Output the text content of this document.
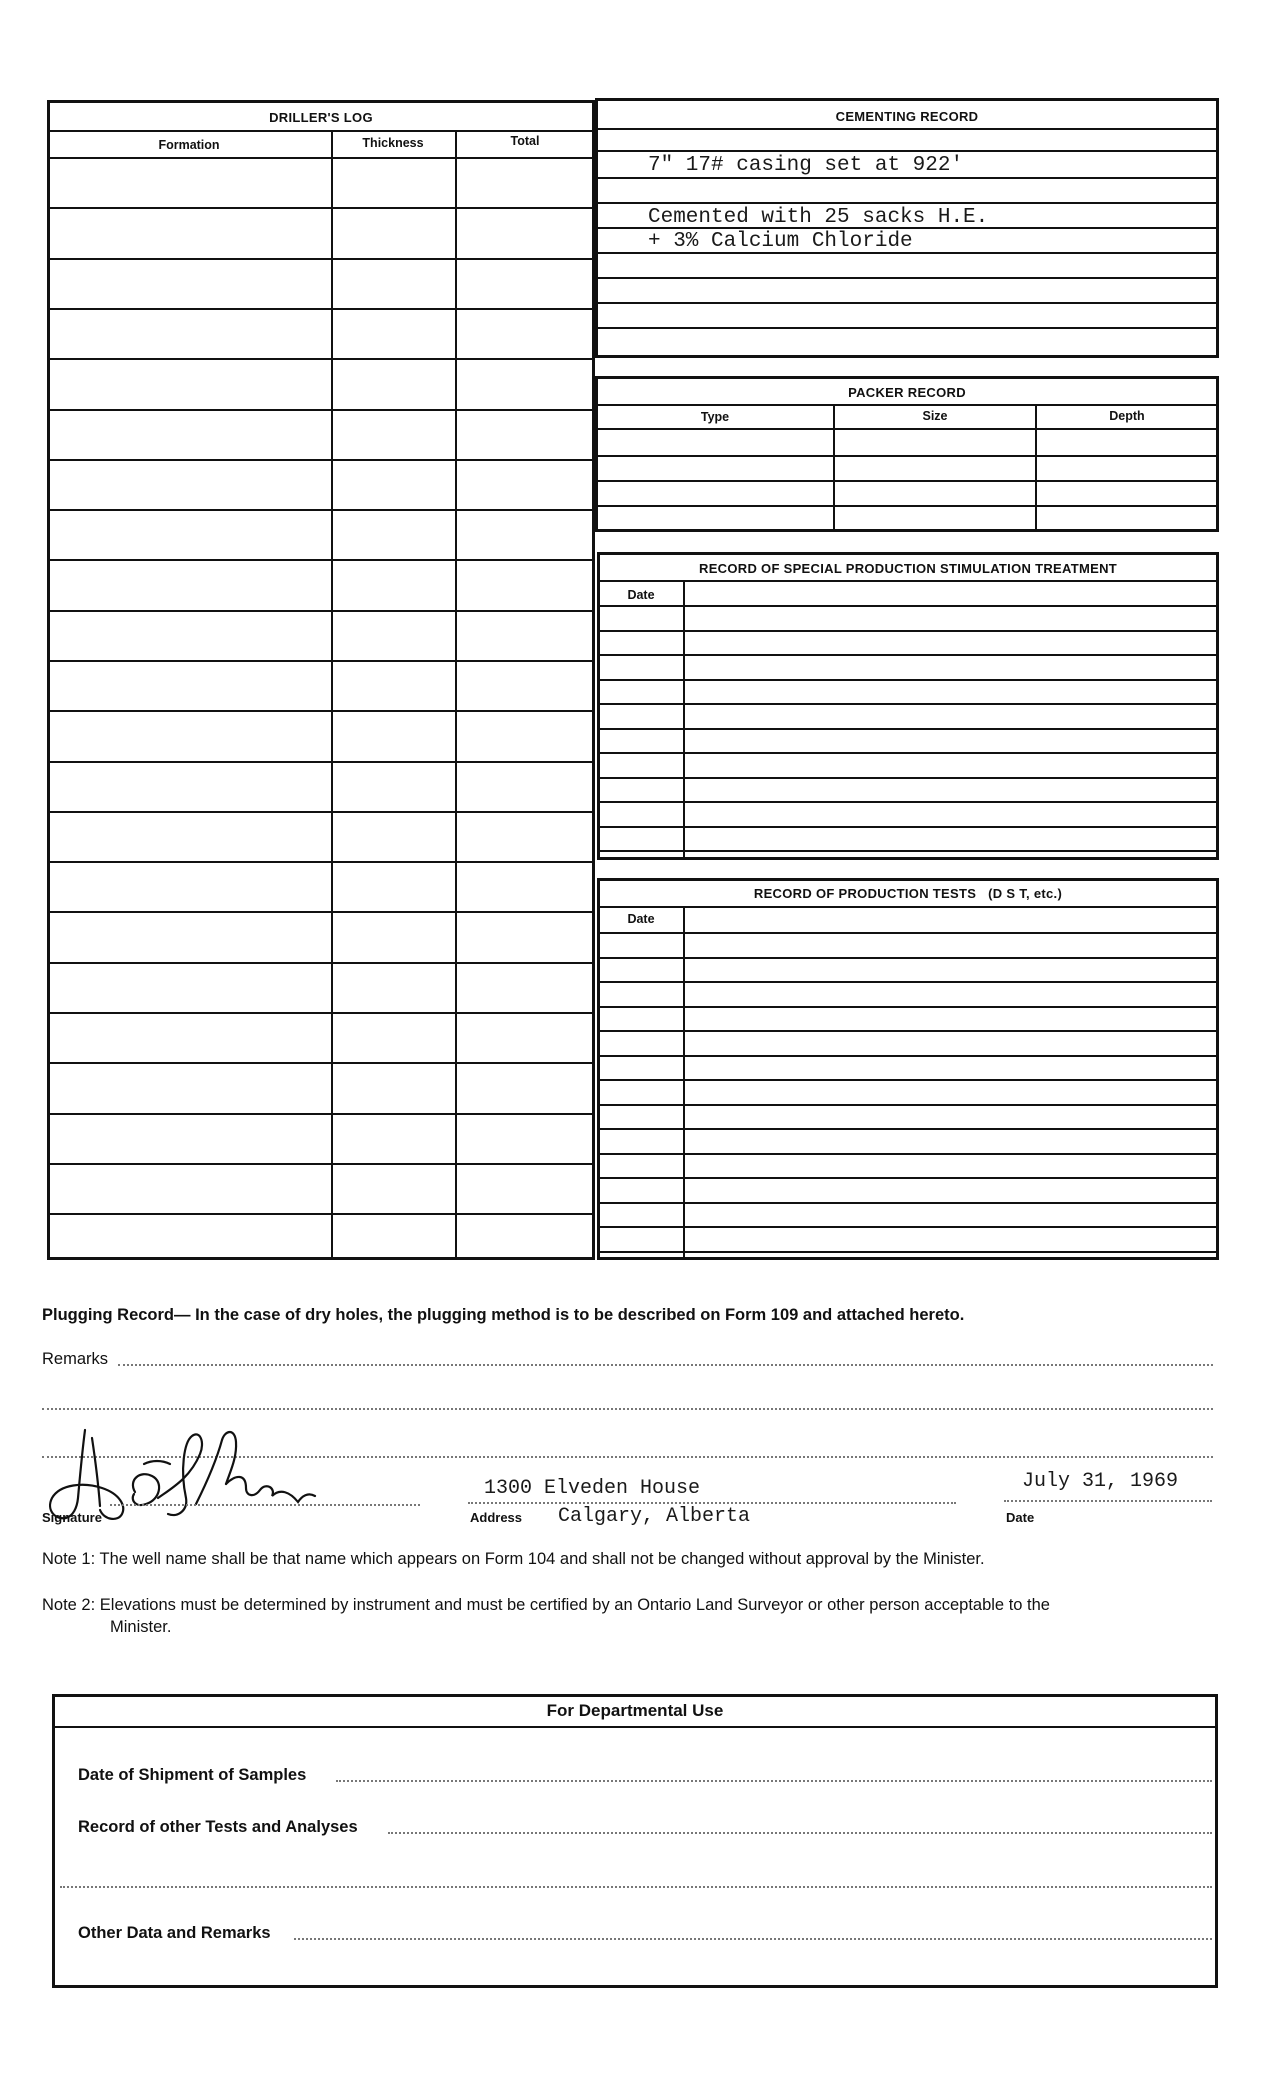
DRILLER'S LOG
Formation	Thickness	Total
CEMENTING RECORD
7" 17# casing set at 922'
Cemented with 25 sacks H.E.
+ 3% Calcium Chloride
PACKER RECORD
Type	Size	Depth
RECORD OF SPECIAL PRODUCTION STIMULATION TREATMENT
Date
RECORD OF PRODUCTION TESTS (D S T, etc.)
Date
Plugging Record— In the case of dry holes, the plugging method is to be described on Form 109 and attached hereto.
Remarks
Signature
1300 Elveden House
Address Calgary, Alberta
July 31, 1969
Date
Note 1: The well name shall be that name which appears on Form 104 and shall not be changed without approval by the Minister.
Note 2: Elevations must be determined by instrument and must be certified by an Ontario Land Surveyor or other person acceptable to the
Minister.
For Departmental Use
Date of Shipment of Samples
Record of other Tests and Analyses
Other Data and Remarks
